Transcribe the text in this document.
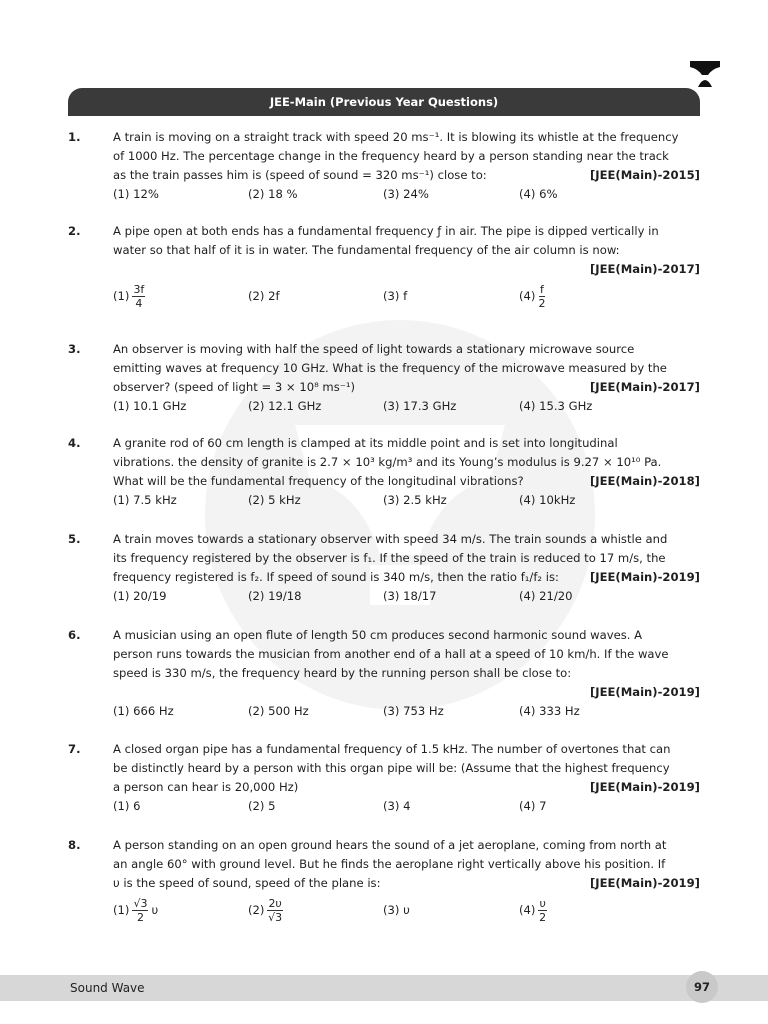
JEE-Main (Previous Year Questions)
1.	A train is moving on a straight track with speed 20 ms⁻¹. It is blowing its whistle at the frequency
of 1000 Hz. The percentage change in the frequency heard by a person standing near the track
[JEE(Main)-2015]
as the train passes him is (speed of sound = 320 ms⁻¹) close to:
(1) 12%	(2) 18 %	(3) 24%	(4) 6%
2.	A pipe open at both ends has a fundamental frequency ƒ in air. The pipe is dipped vertically in
water so that half of it is in water. The fundamental frequency of the air column is now:
[JEE(Main)-2017]
$(1) \frac{3f}{4}$	(2) 2f	(3) f	$(4) \frac{f}{2}$
3.	An observer is moving with half the speed of light towards a stationary microwave source
emitting waves at frequency 10 GHz. What is the frequency of the microwave measured by the
[JEE(Main)-2017]
observer? (speed of light = 3 × 10⁸ ms⁻¹)
(1) 10.1 GHz	(2) 12.1 GHz	(3) 17.3 GHz	(4) 15.3 GHz
4.	A granite rod of 60 cm length is clamped at its middle point and is set into longitudinal
vibrations. the density of granite is 2.7 × 10³ kg/m³ and its Young’s modulus is 9.27 × 10¹⁰ Pa.
[JEE(Main)-2018]
What will be the fundamental frequency of the longitudinal vibrations?
(1) 7.5 kHz	(2) 5 kHz	(3) 2.5 kHz	(4) 10kHz
5.	A train moves towards a stationary observer with speed 34 m/s. The train sounds a whistle and
its frequency registered by the observer is f₁. If the speed of the train is reduced to 17 m/s, the
[JEE(Main)-2019]
frequency registered is f₂. If speed of sound is 340 m/s, then the ratio f₁/f₂ is:
(1) 20/19	(2) 19/18	(3) 18/17	(4) 21/20
6.	A musician using an open flute of length 50 cm produces second harmonic sound waves. A
person runs towards the musician from another end of a hall at a speed of 10 km/h. If the wave
speed is 330 m/s, the frequency heard by the running person shall be close to:
[JEE(Main)-2019]
(1) 666 Hz	(2) 500 Hz	(3) 753 Hz	(4) 333 Hz
7.	A closed organ pipe has a fundamental frequency of 1.5 kHz. The number of overtones that can
be distinctly heard by a person with this organ pipe will be: (Assume that the highest frequency
[JEE(Main)-2019]
a person can hear is 20,000 Hz)
(1) 6	(2) 5	(3) 4	(4) 7
8.	A person standing on an open ground hears the sound of a jet aeroplane, coming from north at
an angle 60° with ground level. But he finds the aeroplane right vertically above his position. If
[JEE(Main)-2019]
υ is the speed of sound, speed of the plane is:
$(1) \frac{√3}{2}$ υ	$(2) \frac{2\upsilon}{√3}$	(3) υ	$(4) \frac{\upsilon}{2}$
Sound Wave	97
